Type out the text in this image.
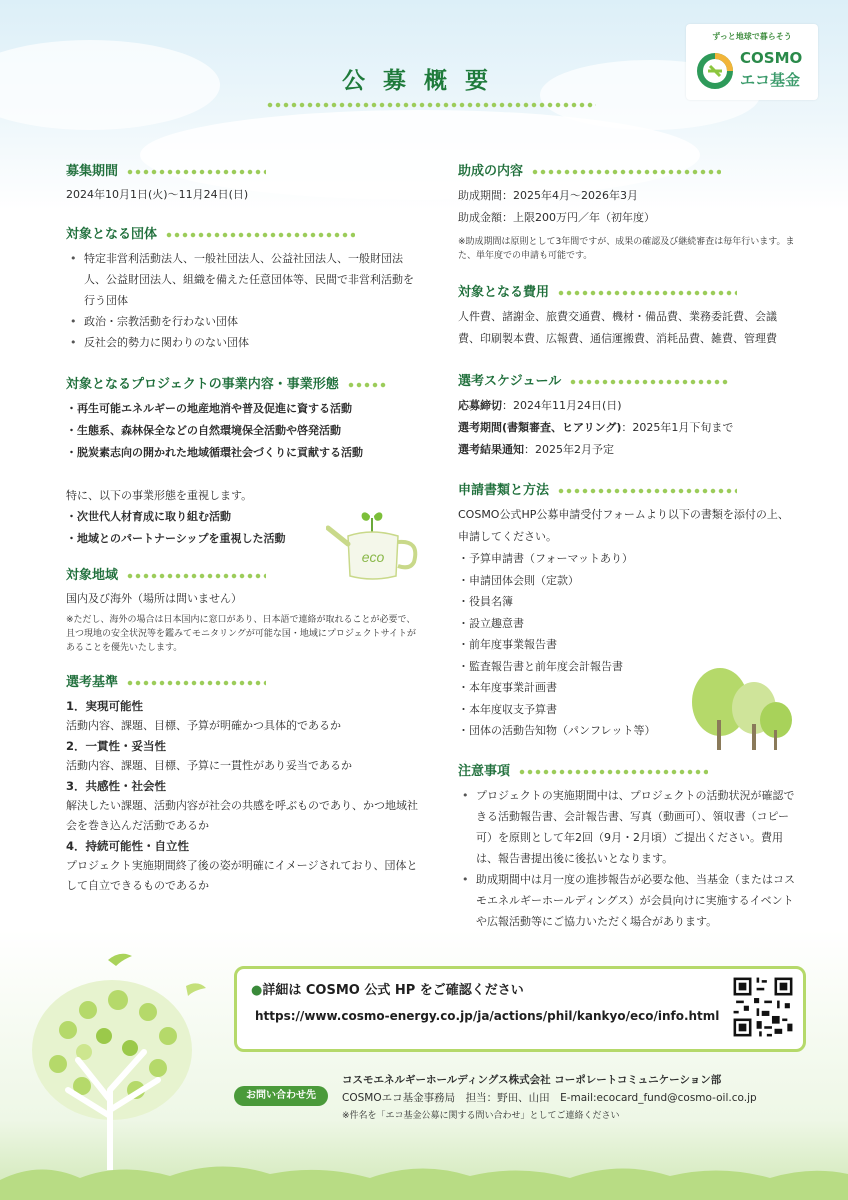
公募概要
ずっと地球で暮らそう
COSMO
エコ基金
募集期間
2024年10月1日(火)～11月24日(日)
対象となる団体
• 特定非営利活動法人、一般社団法人、公益社団法人、一般財団法人、公益財団法人、組織を備えた任意団体等、民間で非営利活動を行う団体
• 政治・宗教活動を行わない団体
• 反社会的勢力に関わりのない団体
対象となるプロジェクトの事業内容・事業形態
・再生可能エネルギーの地産地消や普及促進に資する活動
・生態系、森林保全などの自然環境保全活動や啓発活動
・脱炭素志向の開かれた地域循環社会づくりに貢献する活動
特に、以下の事業形態を重視します。
・次世代人材育成に取り組む活動
・地域とのパートナーシップを重視した活動
対象地域
国内及び海外（場所は問いません）
※ただし、海外の場合は日本国内に窓口があり、日本語で連絡が取れることが必要で、且つ現地の安全状況等を鑑みてモニタリングが可能な国・地域にプロジェクトサイトがあることを優先いたします。
選考基準
1．実現可能性
活動内容、課題、目標、予算が明確かつ具体的であるか
2．一貫性・妥当性
活動内容、課題、目標、予算に一貫性があり妥当であるか
3．共感性・社会性
解決したい課題、活動内容が社会の共感を呼ぶものであり、かつ地域社会を巻き込んだ活動であるか
4．持続可能性・自立性
プロジェクト実施期間終了後の姿が明確にイメージされており、団体として自立できるものであるか
eco
助成の内容
助成期間：2025年4月～2026年3月
助成金額：上限200万円／年（初年度）
※助成期間は原則として3年間ですが、成果の確認及び継続審査は毎年行います。また、単年度での申請も可能です。
対象となる費用
人件費、諸謝金、旅費交通費、機材・備品費、業務委託費、会議費、印刷製本費、広報費、通信運搬費、消耗品費、雑費、管理費
選考スケジュール
応募締切：2024年11月24日(日)
選考期間(書類審査、ヒアリング)：2025年1月下旬まで
選考結果通知：2025年2月予定
申請書類と方法
COSMO公式HP公募申請受付フォームより以下の書類を添付の上、申請してください。
・予算申請書（フォーマットあり）
・申請団体会則（定款）
・役員名簿
・設立趣意書
・前年度事業報告書
・監査報告書と前年度会計報告書
・本年度事業計画書
・本年度収支予算書
・団体の活動告知物（パンフレット等）
注意事項
• プロジェクトの実施期間中は、プロジェクトの活動状況が確認できる活動報告書、会計報告書、写真（動画可）、領収書（コピー可）を原則として年2回（9月・2月頃）ご提出ください。費用は、報告書提出後に後払いとなります。
• 助成期間中は月一度の進捗報告が必要な他、当基金（またはコスモエネルギーホールディングス）が会員向けに実施するイベントや広報活動等にご協力いただく場合があります。
●詳細は COSMO 公式 HP をご確認ください
https://www.cosmo-energy.co.jp/ja/actions/phil/kankyo/eco/info.html
お問い合わせ先
コスモエネルギーホールディングス株式会社 コーポレートコミュニケーション部
COSMOエコ基金事務局　担当：野田、山田　E-mail:ecocard_fund@cosmo-oil.co.jp
※件名を「エコ基金公募に関する問い合わせ」としてご連絡ください
